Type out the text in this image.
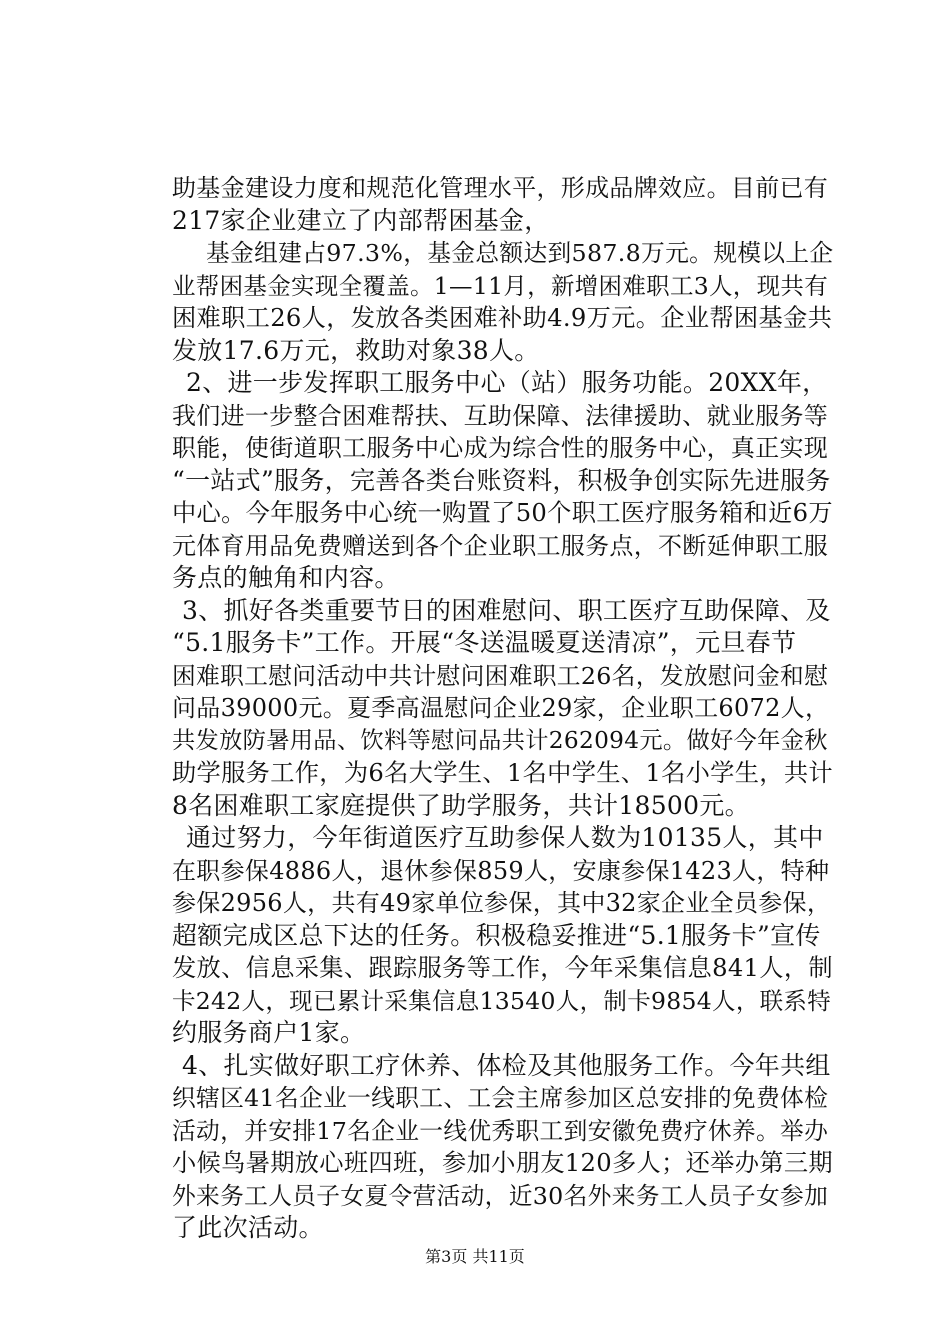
助基金建设力度和规范化管理水平，形成品牌效应。目前已有
217家企业建立了内部帮困基金，
基金组建占97.3%，基金总额达到587.8万元。规模以上企
业帮困基金实现全覆盖。1—11月，新增困难职工3人，现共有
困难职工26人，发放各类困难补助4.9万元。企业帮困基金共
发放17.6万元，救助对象38人。
2、进一步发挥职工服务中心（站）服务功能。20XX年，
我们进一步整合困难帮扶、互助保障、法律援助、就业服务等
职能，使街道职工服务中心成为综合性的服务中心，真正实现
“一站式”服务，完善各类台账资料，积极争创实际先进服务
中心。今年服务中心统一购置了50个职工医疗服务箱和近6万
元体育用品免费赠送到各个企业职工服务点，不断延伸职工服
务点的触角和内容。
3、抓好各类重要节日的困难慰问、职工医疗互助保障、及
“5.1服务卡”工作。开展“冬送温暖夏送清凉”，元旦春节
困难职工慰问活动中共计慰问困难职工26名，发放慰问金和慰
问品39000元。夏季高温慰问企业29家，企业职工6072人，
共发放防暑用品、饮料等慰问品共计262094元。做好今年金秋
助学服务工作，为6名大学生、1名中学生、1名小学生，共计
8名困难职工家庭提供了助学服务，共计18500元。
通过努力，今年街道医疗互助参保人数为10135人，其中
在职参保4886人，退休参保859人，安康参保1423人，特种
参保2956人，共有49家单位参保，其中32家企业全员参保，
超额完成区总下达的任务。积极稳妥推进“5.1服务卡”宣传
发放、信息采集、跟踪服务等工作，今年采集信息841人，制
卡242人，现已累计采集信息13540人，制卡9854人，联系特
约服务商户1家。
4、扎实做好职工疗休养、体检及其他服务工作。今年共组
织辖区41名企业一线职工、工会主席参加区总安排的免费体检
活动，并安排17名企业一线优秀职工到安徽免费疗休养。举办
小候鸟暑期放心班四班，参加小朋友120多人；还举办第三期
外来务工人员子女夏令营活动，近30名外来务工人员子女参加
了此次活动。
第3页 共11页
